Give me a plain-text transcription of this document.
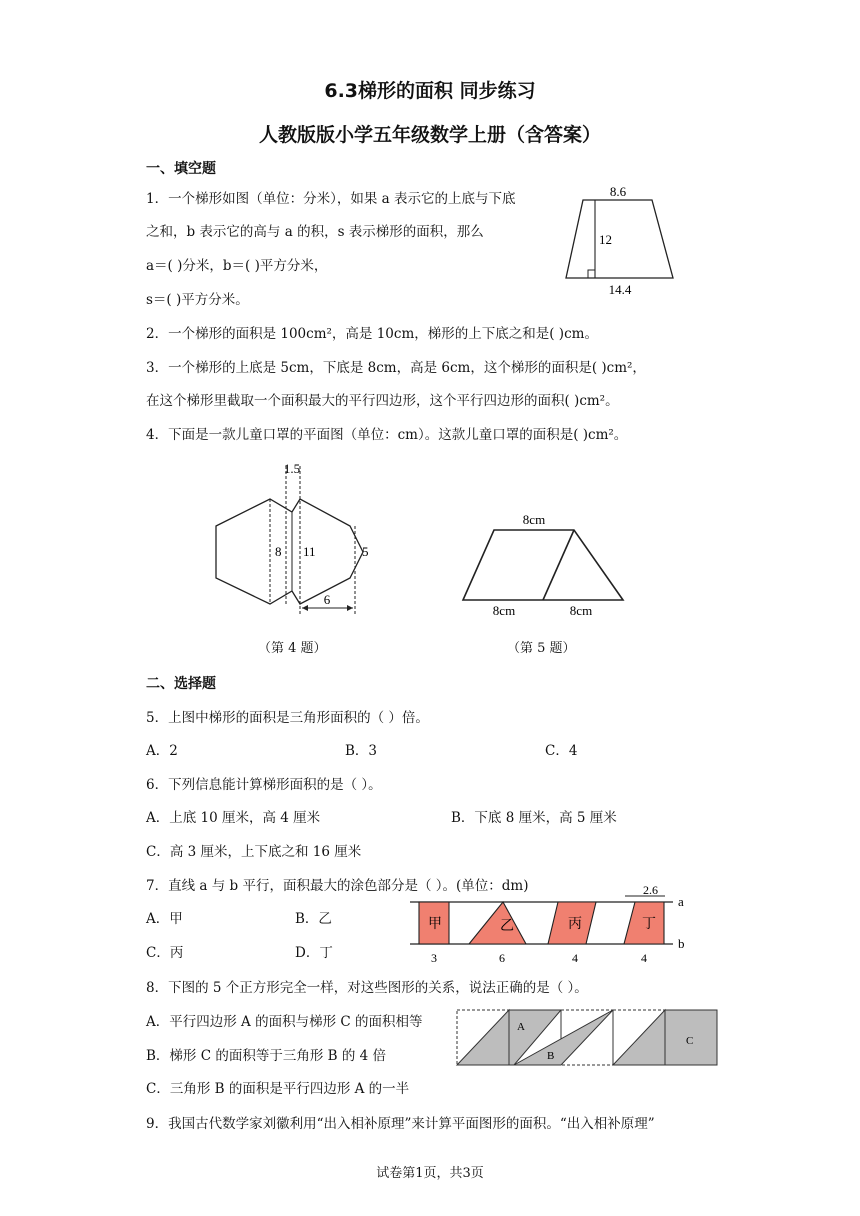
6.3梯形的面积 同步练习
人教版版小学五年级数学上册（含答案）
一、填空题
1．一个梯形如图（单位：分米），如果 a 表示它的上底与下底
之和，b 表示它的高与 a 的积，s 表示梯形的面积，那么
a＝( )分米，b＝( )平方分米，
s＝( )平方分米。
8.6
12
14.4
2．一个梯形的面积是 100cm²，高是 10cm，梯形的上下底之和是( )cm。
3．一个梯形的上底是 5cm，下底是 8cm，高是 6cm，这个梯形的面积是( )cm²，
在这个梯形里截取一个面积最大的平行四边形，这个平行四边形的面积( )cm²。
4．下面是一款儿童口罩的平面图（单位：cm）。这款儿童口罩的面积是( )cm²。
1.5
8 11	5
6
（第 4 题）
8cm
8cm	8cm
（第 5 题）
二、选择题
5．上图中梯形的面积是三角形面积的（ ）倍。
A．2	B．3	C．4
6．下列信息能计算梯形面积的是（ ）。
A．上底 10 厘米，高 4 厘米	B．下底 8 厘米，高 5 厘米
C．高 3 厘米，上下底之和 16 厘米
7．直线 a 与 b 平行，面积最大的涂色部分是（ ）。(单位：dm)
A．甲	B．乙
C．丙	D．丁
甲	乙	丙	丁
2.6
a
b
3	6	4	4
8．下图的 5 个正方形完全一样，对这些图形的关系，说法正确的是（ ）。
A．平行四边形 A 的面积与梯形 C 的面积相等
B．梯形 C 的面积等于三角形 B 的 4 倍
C．三角形 B 的面积是平行四边形 A 的一半
A
B
C
9．我国古代数学家刘徽利用“出入相补原理”来计算平面图形的面积。“出入相补原理”
试卷第1页，共3页
